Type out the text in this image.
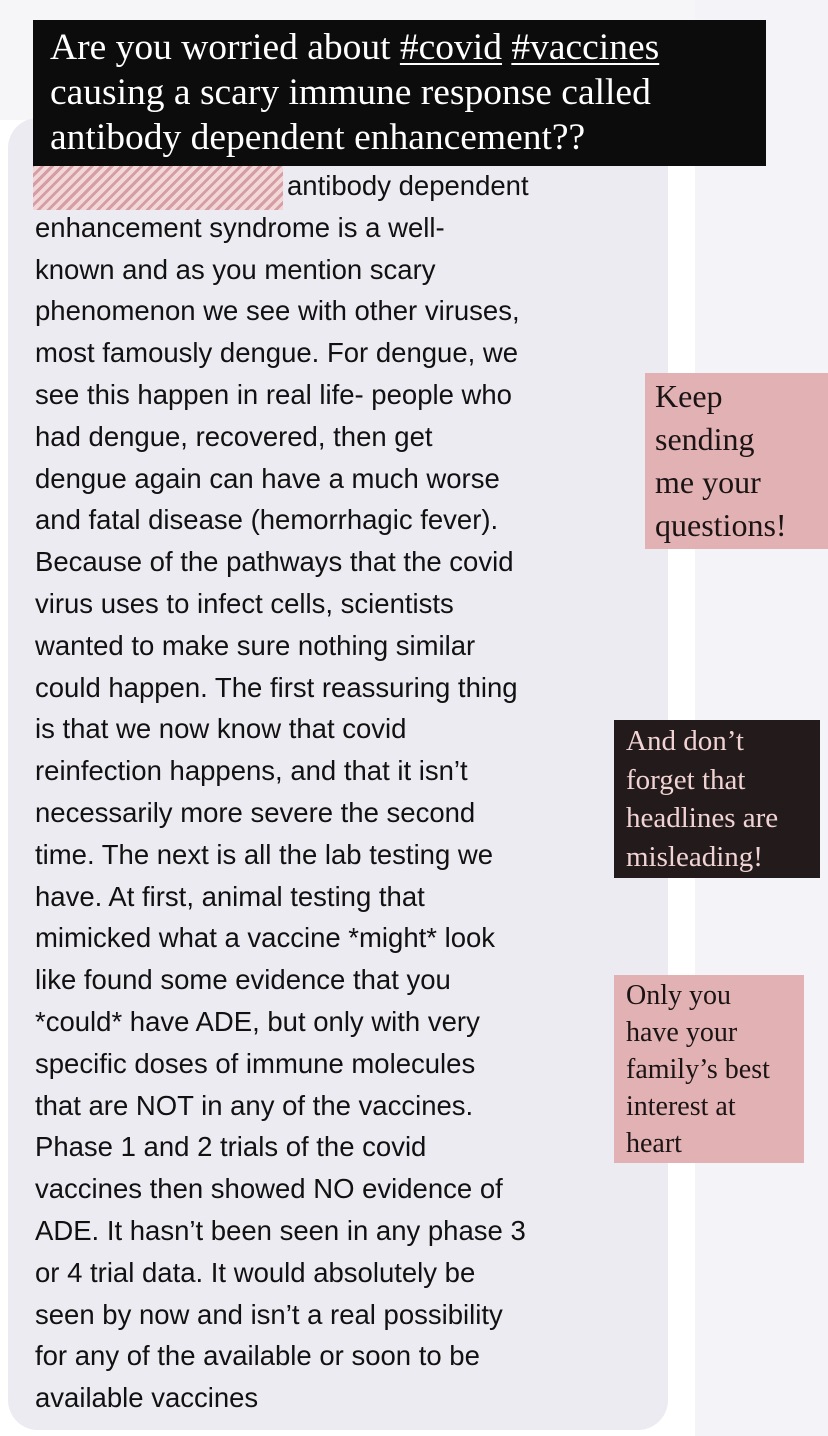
antibody dependent
enhancement syndrome is a well-
known and as you mention scary
phenomenon we see with other viruses,
most famously dengue. For dengue, we
see this happen in real life- people who
had dengue, recovered, then get
dengue again can have a much worse
and fatal disease (hemorrhagic fever).
Because of the pathways that the covid
virus uses to infect cells, scientists
wanted to make sure nothing similar
could happen. The first reassuring thing
is that we now know that covid
reinfection happens, and that it isn’t
necessarily more severe the second
time. The next is all the lab testing we
have. At first, animal testing that
mimicked what a vaccine *might* look
like found some evidence that you
*could* have ADE, but only with very
specific doses of immune molecules
that are NOT in any of the vaccines.
Phase 1 and 2 trials of the covid
vaccines then showed NO evidence of
ADE. It hasn’t been seen in any phase 3
or 4 trial data. It would absolutely be
seen by now and isn’t a real possibility
for any of the available or soon to be
available vaccines

Are you worried about #covid #vaccines
causing a scary immune response called
antibody dependent enhancement??

Keep
sending
me your
questions!

And don’t
forget that
headlines are
misleading!

Only you
have your
family’s best
interest at
heart
